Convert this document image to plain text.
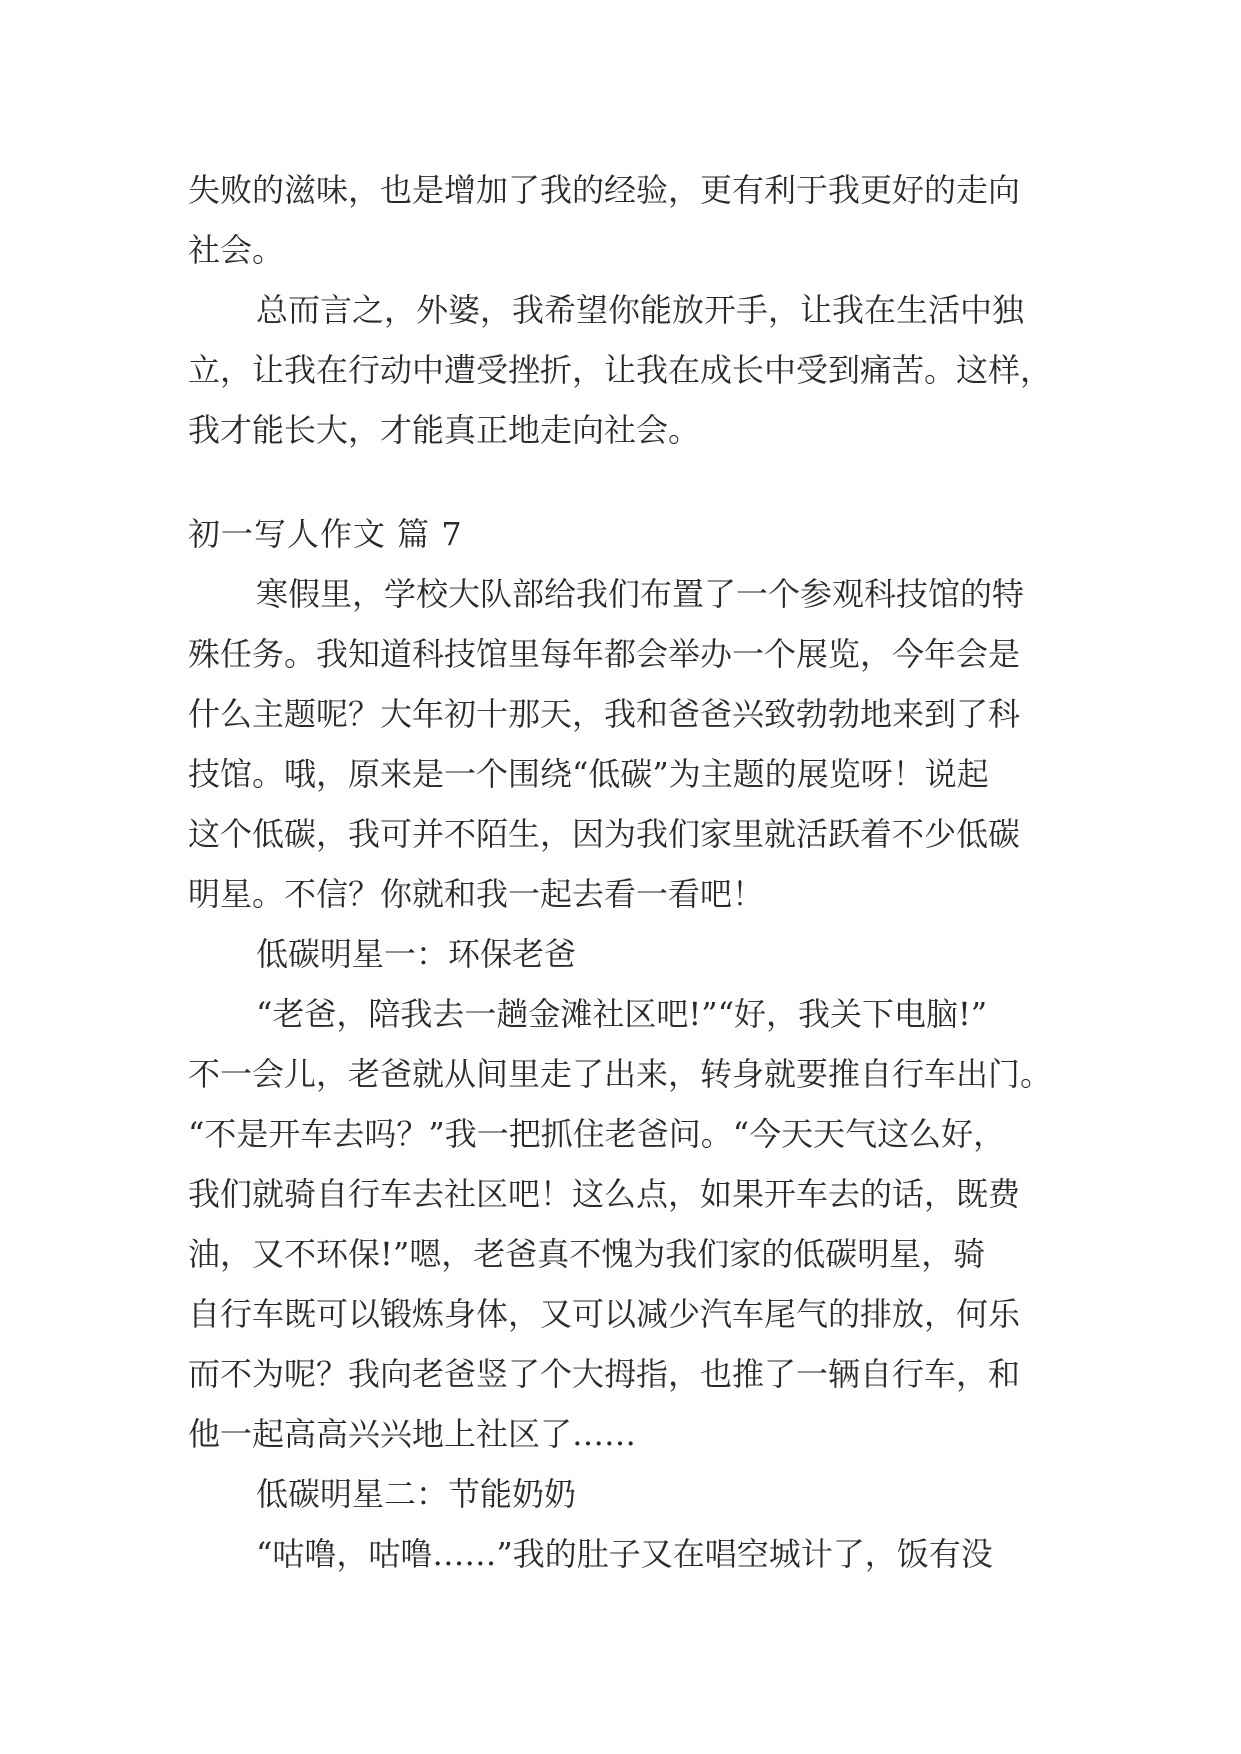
失败的滋味，也是增加了我的经验，更有利于我更好的走向
社会。
总而言之，外婆，我希望你能放开手，让我在生活中独
立，让我在行动中遭受挫折，让我在成长中受到痛苦。这样，
我才能长大，才能真正地走向社会。
初一写人作文 篇 7
寒假里，学校大队部给我们布置了一个参观科技馆的特
殊任务。我知道科技馆里每年都会举办一个展览，今年会是
什么主题呢？大年初十那天，我和爸爸兴致勃勃地来到了科
技馆。哦，原来是一个围绕“低碳”为主题的展览呀！说起
这个低碳，我可并不陌生，因为我们家里就活跃着不少低碳
明星。不信？你就和我一起去看一看吧！
低碳明星一：环保老爸
“老爸，陪我去一趟金滩社区吧!”“好，我关下电脑!”
不一会儿，老爸就从间里走了出来，转身就要推自行车出门。
“不是开车去吗？”我一把抓住老爸问。“今天天气这么好，
我们就骑自行车去社区吧！这么点，如果开车去的话，既费
油，又不环保!”嗯，老爸真不愧为我们家的低碳明星，骑
自行车既可以锻炼身体，又可以减少汽车尾气的排放，何乐
而不为呢？我向老爸竖了个大拇指，也推了一辆自行车，和
他一起高高兴兴地上社区了……
低碳明星二：节能奶奶
“咕噜，咕噜……”我的肚子又在唱空城计了，饭有没
